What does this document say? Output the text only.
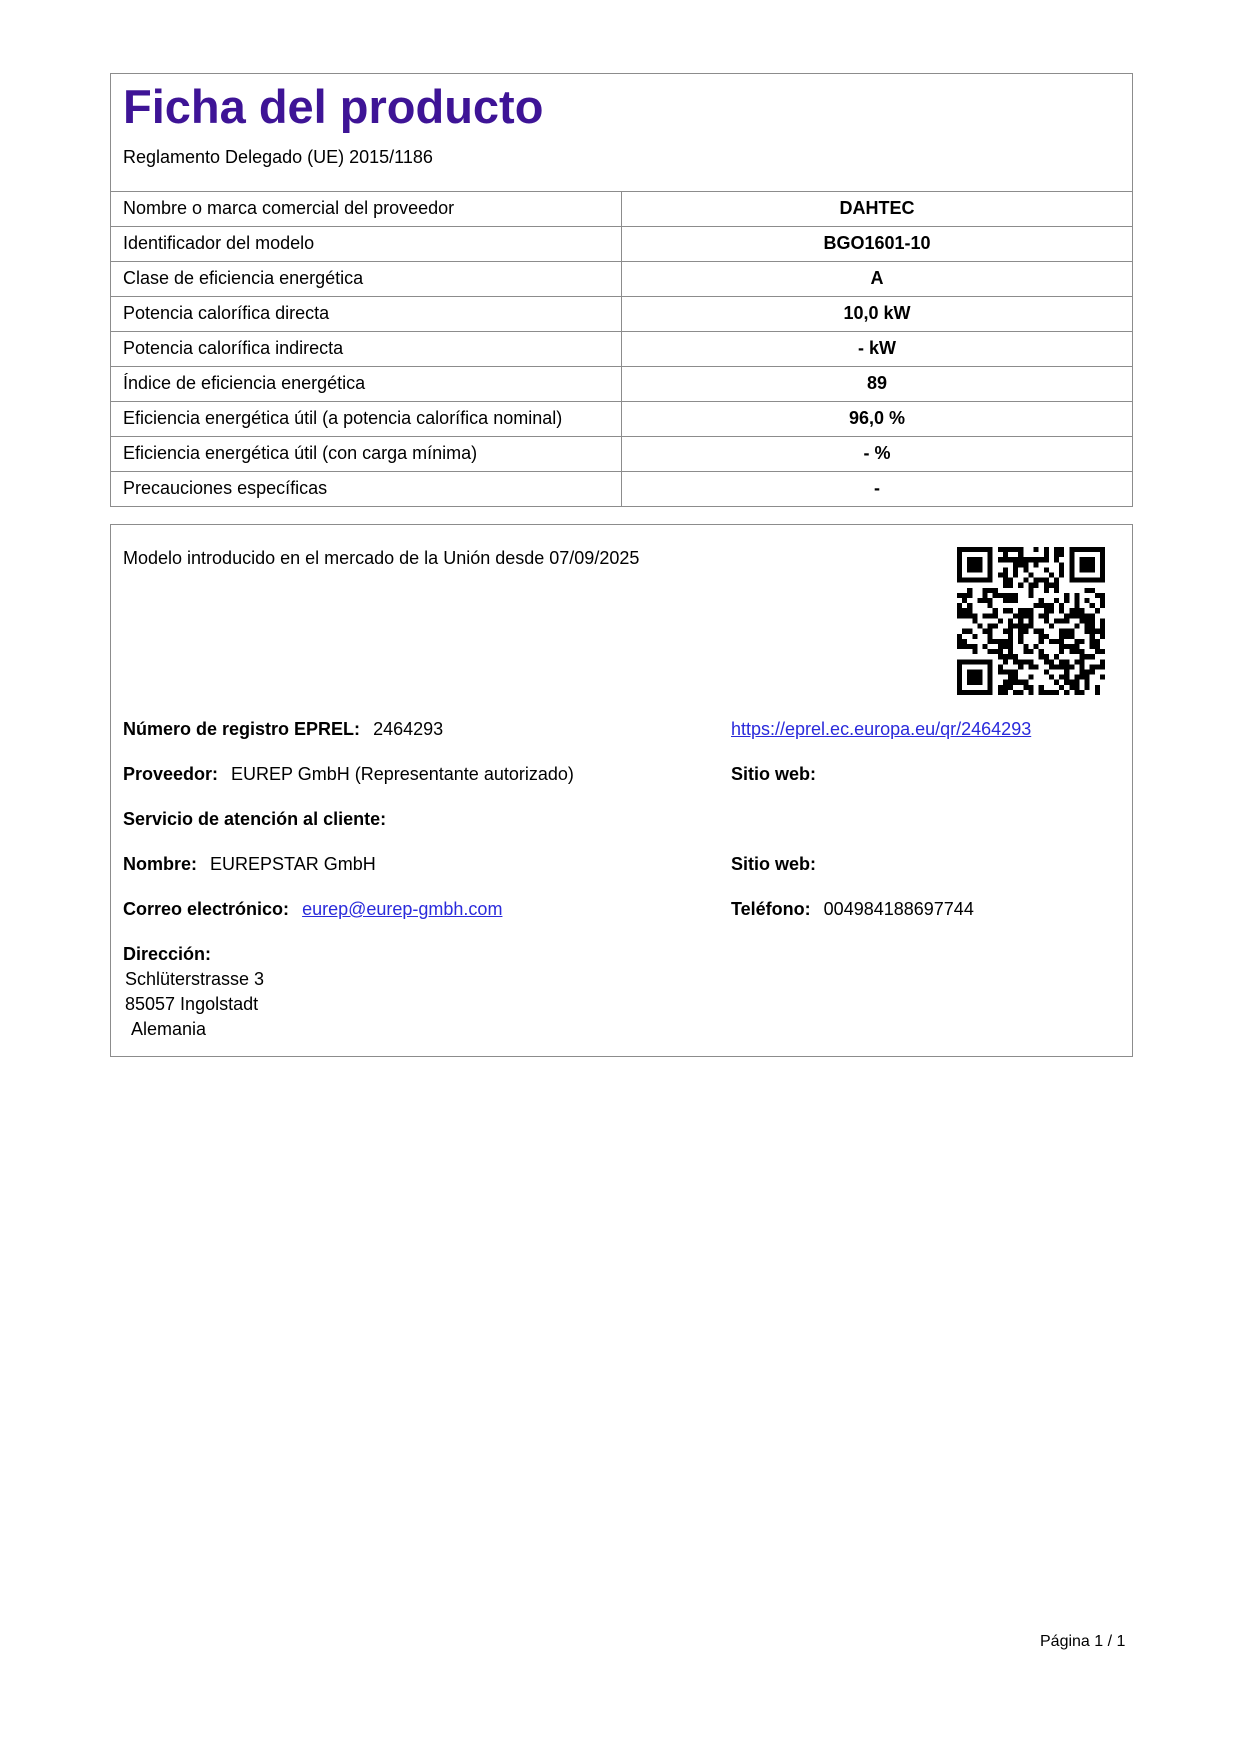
Ficha del producto
Reglamento Delegado (UE) 2015/1186
Nombre o marca comercial del proveedor	DAHTEC
Identificador del modelo	BGO1601-10
Clase de eficiencia energética	A
Potencia calorífica directa	10,0 kW
Potencia calorífica indirecta	- kW
Índice de eficiencia energética	89
Eficiencia energética útil (a potencia calorífica nominal)	96,0 %
Eficiencia energética útil (con carga mínima)	- %
Precauciones específicas	-
Modelo introducido en el mercado de la Unión desde 07/09/2025
Número de registro EPREL: 2464293	https://eprel.ec.europa.eu/qr/2464293
Proveedor: EUREP GmbH (Representante autorizado)	Sitio web:
Servicio de atención al cliente:
Nombre: EUREPSTAR GmbH	Sitio web:
Correo electrónico: eurep@eurep-gmbh.com	Teléfono: 004984188697744
Dirección:
Schlüterstrasse 3
85057 Ingolstadt
Alemania
Página 1 / 1
